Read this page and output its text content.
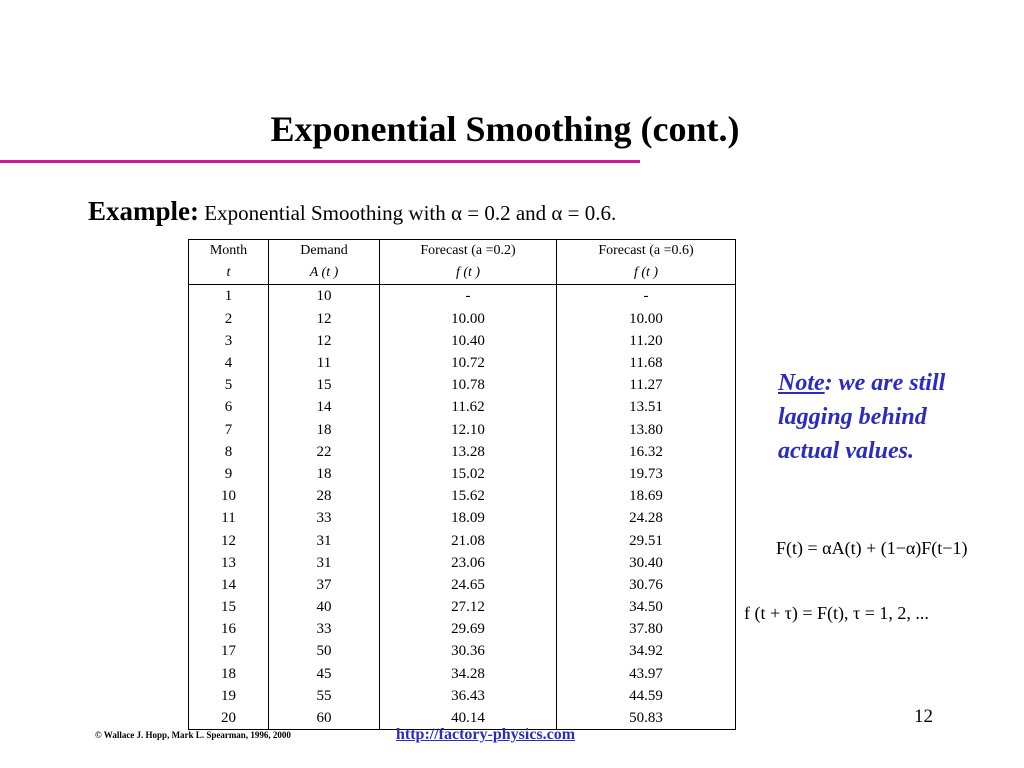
Exponential Smoothing (cont.)
Example: Exponential Smoothing with α = 0.2 and α = 0.6.
Month	Demand	Forecast (a =0.2)	Forecast (a =0.6)
t	A (t )	f (t )	f (t )
1	10	-	-
2	12	10.00	10.00
3	12	10.40	11.20
4	11	10.72	11.68
5	15	10.78	11.27
6	14	11.62	13.51
7	18	12.10	13.80
8	22	13.28	16.32
9	18	15.02	19.73
10	28	15.62	18.69
11	33	18.09	24.28
12	31	21.08	29.51
13	31	23.06	30.40
14	37	24.65	30.76
15	40	27.12	34.50
16	33	29.69	37.80
17	50	30.36	34.92
18	45	34.28	43.97
19	55	36.43	44.59
20	60	40.14	50.83
Note: we are still lagging behind actual values.
F(t) = αA(t) + (1−α)F(t−1)
f (t + τ) = F(t), τ = 1, 2, ...
12
© Wallace J. Hopp, Mark L. Spearman, 1996, 2000	http://factory-physics.com
